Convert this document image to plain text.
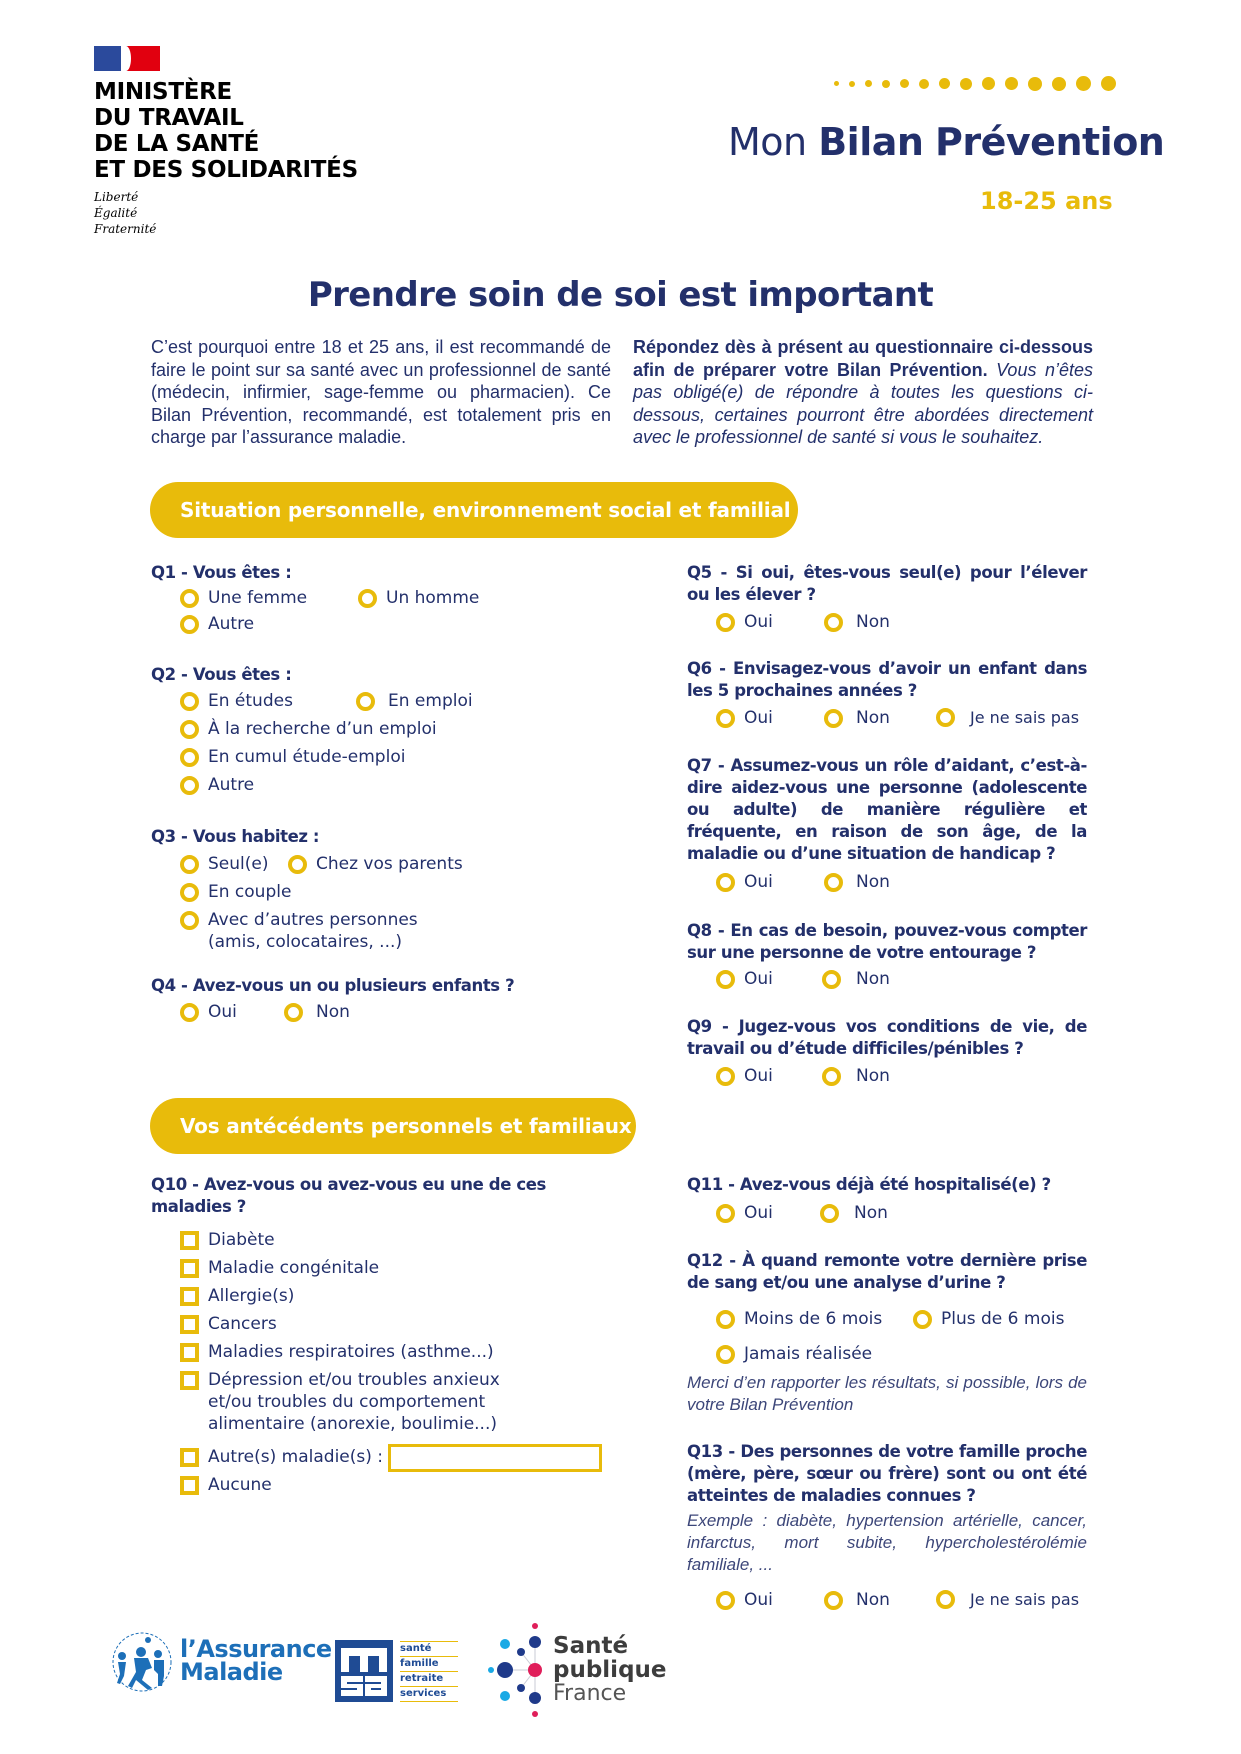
MINISTÈRE
DU TRAVAIL
DE LA SANTÉ
ET DES SOLIDARITÉS
Liberté
Égalité
Fraternité
Mon Bilan Prévention
18-25 ans
Prendre soin de soi est important

C’est pourquoi entre 18 et 25 ans, il est recommandé de faire le point sur sa santé avec un professionnel de santé (médecin, infirmier, sage-femme ou pharmacien). Ce Bilan Prévention, recommandé, est totalement pris en charge par l’assurance maladie.

Répondez dès à présent au questionnaire ci-dessous afin de préparer votre Bilan Prévention. Vous n’êtes pas obligé(e) de répondre à toutes les questions ci-dessous, certaines pourront être abordées directement avec le professionnel de santé si vous le souhaitez.

Situation personnelle, environnement social et familial
Q1 - Vous êtes :
Une femme	Un homme
Autre
Q2 - Vous êtes :
En études	En emploi
À la recherche d’un emploi
En cumul étude-emploi
Autre
Q3 - Vous habitez :
Seul(e)	Chez vos parents
En couple
Avec d’autres personnes (amis, colocataires, ...)
Q4 - Avez-vous un ou plusieurs enfants ?
Oui	Non
Q5 - Si oui, êtes-vous seul(e) pour l’élever ou les élever ?
Oui	Non
Q6 - Envisagez-vous d’avoir un enfant dans les 5 prochaines années ?
Oui	Non	Je ne sais pas
Q7 - Assumez-vous un rôle d’aidant, c’est-à-dire aidez-vous une personne (adolescente ou adulte) de manière régulière et fréquente, en raison de son âge, de la maladie ou d’une situation de handicap ?
Oui	Non
Q8 - En cas de besoin, pouvez-vous compter sur une personne de votre entourage ?
Oui	Non
Q9 - Jugez-vous vos conditions de vie, de travail ou d’étude difficiles/pénibles ?
Oui	Non
Vos antécédents personnels et familiaux
Q10 - Avez-vous ou avez-vous eu une de ces maladies ?
Diabète
Maladie congénitale
Allergie(s)
Cancers
Maladies respiratoires (asthme...)
Dépression et/ou troubles anxieux et/ou troubles du comportement alimentaire (anorexie, boulimie...)
Autre(s) maladie(s) :
Aucune
Q11 - Avez-vous déjà été hospitalisé(e) ?
Oui	Non
Q12 - À quand remonte votre dernière prise de sang et/ou une analyse d’urine ?
Moins de 6 mois	Plus de 6 mois
Jamais réalisée
Merci d’en rapporter les résultats, si possible, lors de votre Bilan Prévention
Q13 - Des personnes de votre famille proche (mère, père, sœur ou frère) sont ou ont été atteintes de maladies connues ?
Exemple : diabète, hypertension artérielle, cancer, infarctus, mort subite, hypercholestérolémie familiale, ...
Oui	Non	Je ne sais pas
l’Assurance
Maladie
santé
famille
retraite
services
Santé
publique
France
